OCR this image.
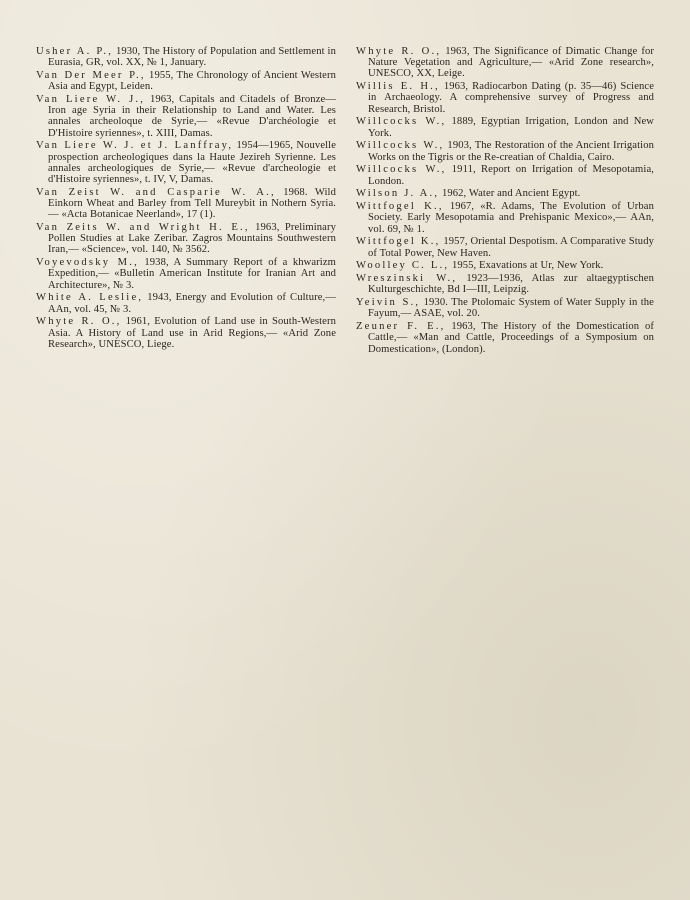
Usher A. P., 1930, The History of Population and Settlement in Eurasia, GR, vol. XX, № 1, January.
Van Der Meer P., 1955, The Chronology of Ancient Western Asia and Egypt, Leiden.
Van Liere W. J., 1963, Capitals and Citadels of Bronze— Iron age Syria in their Relationship to Land and Water. Les annales archeoloque de Syrie,— «Revue D'archéologie et D'Histoire syriennes», t. XIII, Damas.
Van Liere W. J. et J. Lanffray, 1954—1965, Nouvelle prospection archeologiques dans la Haute Jezireh Syrienne. Les annales archeologiques de Syrie,— «Revue d'archeologie et d'Histoire syriennes», t. IV, V, Damas.
Van Zeist W. and Casparie W. A., 1968. Wild Einkorn Wheat and Barley from Tell Mureybit in Nothern Syria.— «Acta Botanicae Neerland», 17 (1).
Van Zeits W. and Wright H. E., 1963, Preliminary Pollen Studies at Lake Zeribar. Zagros Mountains Southwestern Iran,— «Science», vol. 140, № 3562.
Voyevodsky M., 1938, A Summary Report of a khwarizm Expedition,— «Bulletin American Institute for Iranian Art and Architecture», № 3.
White A. Leslie, 1943, Energy and Evolution of Culture,— AAn, vol. 45, № 3.
Whyte R. O., 1961, Evolution of Land use in South-Western Asia. A History of Land use in Arid Regions,— «Arid Zone Research», UNESCO, Liege.
Whyte R. O., 1963, The Significance of Dimatic Change for Nature Vegetation and Agriculture,— «Arid Zone research», UNESCO, XX, Leige.
Willis E. H., 1963, Radiocarbon Dating (p. 35—46) Science in Archaeology. A comprehensive survey of Progress and Research, Bristol.
Willcocks W., 1889, Egyptian Irrigation, London and New York.
Willcocks W., 1903, The Restoration of the Ancient Irrigation Works on the Tigris or the Re-creatian of Chaldia, Cairo.
Willcocks W., 1911, Report on Irrigation of Mesopotamia, London.
Wilson J. A., 1962, Water and Ancient Egypt.
Wittfogel K., 1967, «R. Adams, The Evolution of Urban Society. Early Mesopotamia and Prehispanic Mexico»,— AAn, vol. 69, № 1.
Wittfogel K., 1957, Oriental Despotism. A Comparative Study of Total Power, New Haven.
Woolley C. L., 1955, Exavations at Ur, New York.
Wreszinski W., 1923—1936, Atlas zur altaegyptischen Kulturgeschichte, Bd I—III, Leipzig.
Yeivin S., 1930. The Ptolomaic System of Water Supply in the Fayum,— ASAE, vol. 20.
Zeuner F. E., 1963, The History of the Domestication of Cattle,— «Man and Cattle, Proceedings of a Symposium on Domestication», (London).
